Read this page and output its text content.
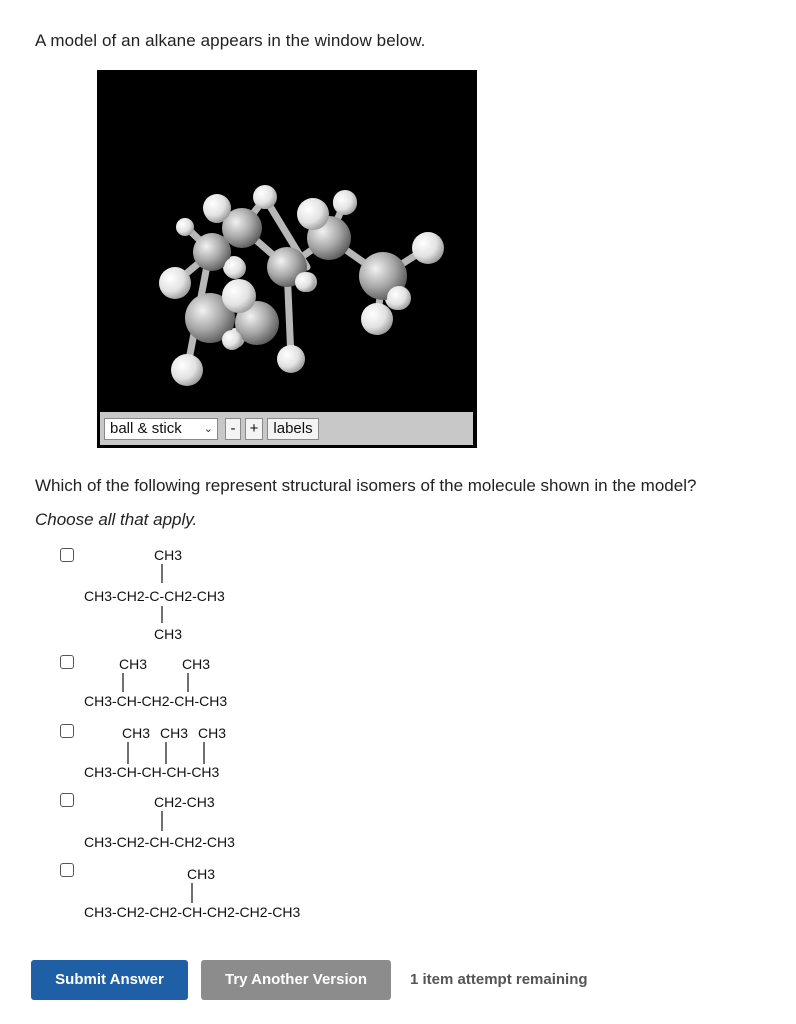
A model of an alkane appears in the window below.
ball & stick ⌄	- +	labels
Which of the following represent structural isomers of the molecule shown in the model?
Choose all that apply.
CH3
CH3-CH2-C-CH2-CH3
CH3
CH3 CH3
CH3-CH-CH2-CH-CH3
CH3 CH3 CH3
CH3-CH-CH-CH-CH3
CH2-CH3
CH3-CH2-CH-CH2-CH3
CH3
CH3-CH2-CH2-CH-CH2-CH2-CH3
Submit Answer	Try Another Version	1 item attempt remaining
